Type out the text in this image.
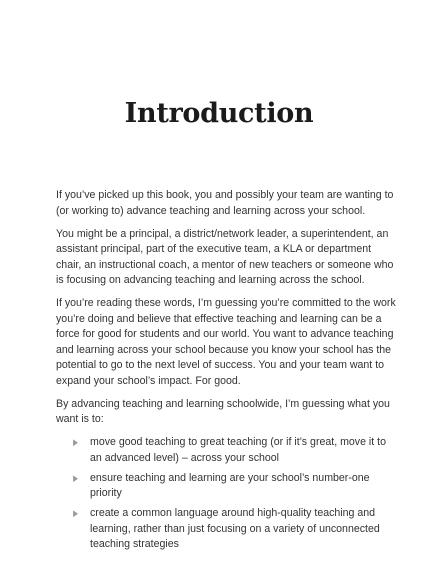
Introduction

If you’ve picked up this book, you and possibly your team are wanting to (or working to) advance teaching and learning across your school.

You might be a principal, a district/network leader, a superintendent, an assistant principal, part of the executive team, a KLA or department chair, an instructional coach, a mentor of new teachers or someone who is focusing on advancing teaching and learning across the school.

If you’re reading these words, I’m guessing you’re committed to the work you’re doing and believe that effective teaching and learning can be a force for good for students and our world. You want to advance teaching and learning across your school because you know your school has the potential to go to the next level of success. You and your team want to expand your school’s impact. For good.

By advancing teaching and learning schoolwide, I’m guessing what you want is to:

move good teaching to great teaching (or if it’s great, move it to an advanced level) – across your school
ensure teaching and learning are your school’s number-one priority
create a common language around high-quality teaching and learning, rather than just focusing on a variety of unconnected teaching strategies
